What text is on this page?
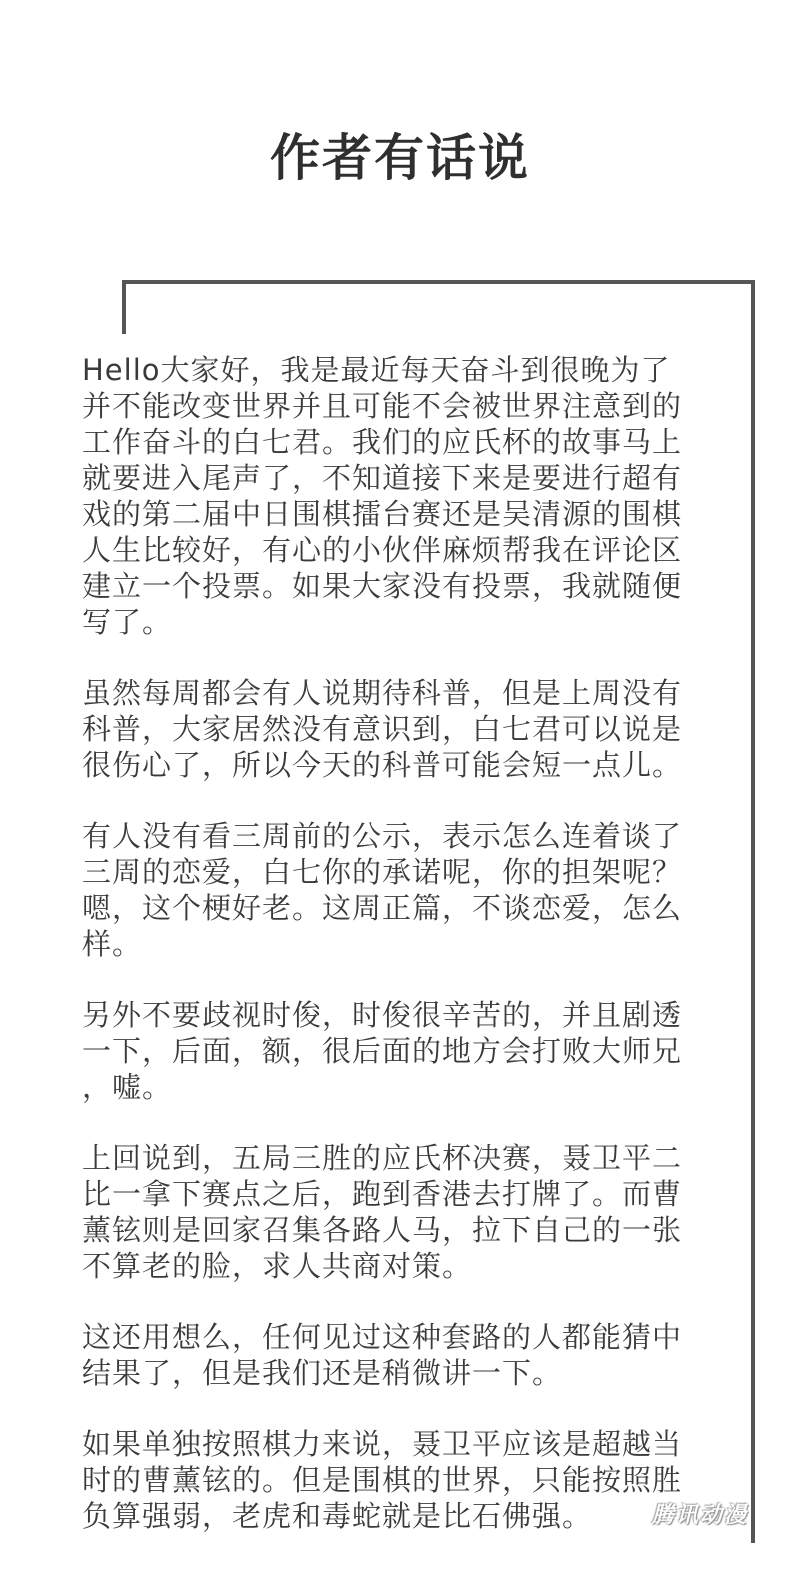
作者有话说

Hello大家好，我是最近每天奋斗到很晚为了
并不能改变世界并且可能不会被世界注意到的
工作奋斗的白七君。我们的应氏杯的故事马上
就要进入尾声了，不知道接下来是要进行超有
戏的第二届中日围棋擂台赛还是吴清源的围棋
人生比较好，有心的小伙伴麻烦帮我在评论区
建立一个投票。如果大家没有投票，我就随便
写了。

虽然每周都会有人说期待科普，但是上周没有
科普，大家居然没有意识到，白七君可以说是
很伤心了，所以今天的科普可能会短一点儿。

有人没有看三周前的公示，表示怎么连着谈了
三周的恋爱，白七你的承诺呢，你的担架呢？
嗯，这个梗好老。这周正篇，不谈恋爱，怎么
样。

另外不要歧视时俊，时俊很辛苦的，并且剧透
一下，后面，额，很后面的地方会打败大师兄
，嘘。

上回说到，五局三胜的应氏杯决赛，聂卫平二
比一拿下赛点之后，跑到香港去打牌了。而曹
薰铉则是回家召集各路人马，拉下自己的一张
不算老的脸，求人共商对策。

这还用想么，任何见过这种套路的人都能猜中
结果了，但是我们还是稍微讲一下。

如果单独按照棋力来说，聂卫平应该是超越当
时的曹薰铉的。但是围棋的世界，只能按照胜
负算强弱，老虎和毒蛇就是比石佛强。	腾讯动漫
